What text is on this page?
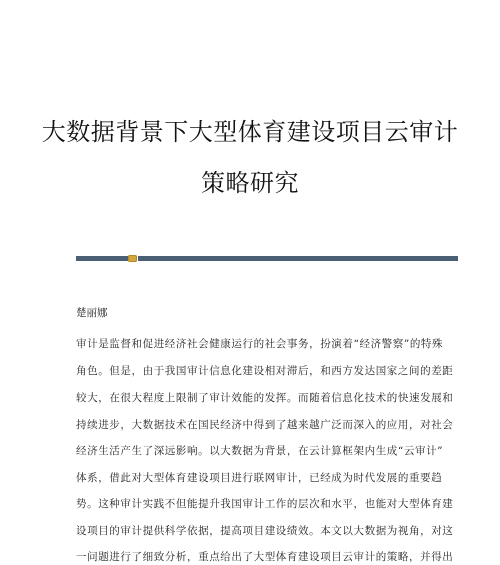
大数据背景下大型体育建设项目云审计
策略研究
楚丽娜
审计是监督和促进经济社会健康运行的社会事务，扮演着“经济警察”的特殊
角色。但是，由于我国审计信息化建设相对滞后，和西方发达国家之间的差距
较大，在很大程度上限制了审计效能的发挥。而随着信息化技术的快速发展和
持续进步，大数据技术在国民经济中得到了越来越广泛而深入的应用，对社会
经济生活产生了深远影响。以大数据为背景，在云计算框架内生成“云审计”
体系，借此对大型体育建设项目进行联网审计，已经成为时代发展的重要趋
势。这种审计实践不但能提升我国审计工作的层次和水平，也能对大型体育建
设项目的审计提供科学依据，提高项目建设绩效。本文以大数据为视角，对这
一问题进行了细致分析，重点给出了大型体育建设项目云审计的策略，并得出
